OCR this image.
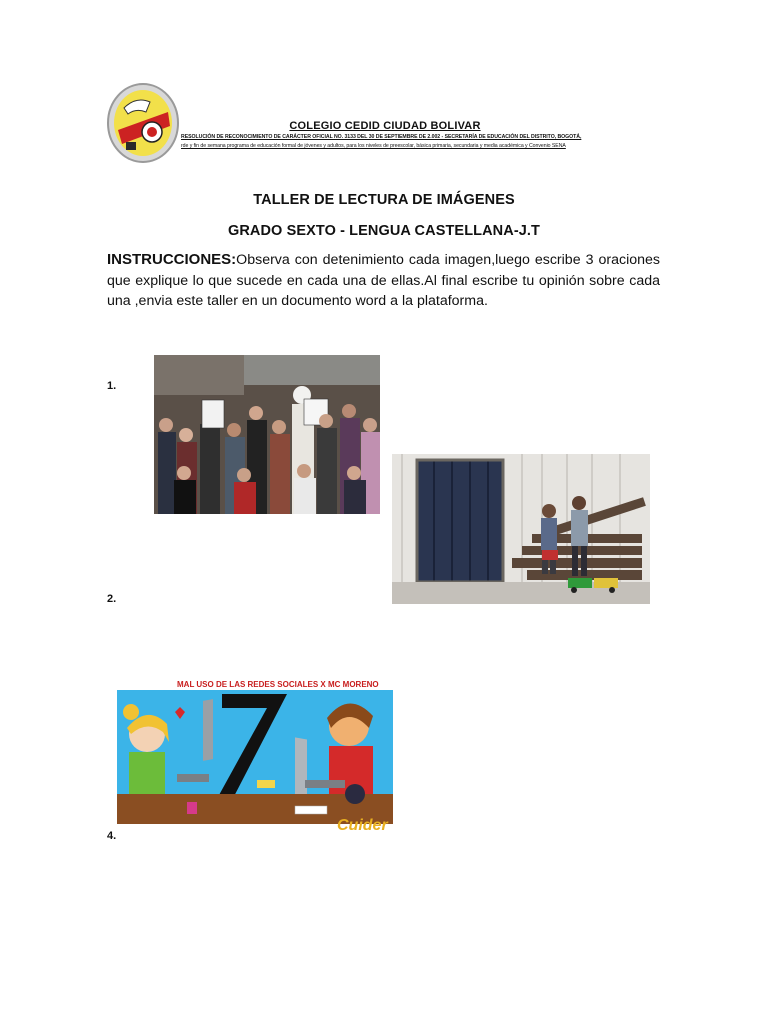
COLEGIO CEDID CIUDAD BOLIVAR
RESOLUCIÓN DE RECONOCIMIENTO DE CARÁCTER OFICIAL NO. 3133 DEL 30 DE SEPTIEMBRE DE 2.002 - SECRETARÍA DE EDUCACIÓN DEL DISTRITO, BOGOTÁ,
rde y fin de semana programa de educación formal de jóvenes y adultos, para los niveles de preescolar, básica primaria, secundaria y media académica y Convenio SENA
TALLER DE LECTURA DE IMÁGENES
GRADO SEXTO - LENGUA CASTELLANA-J.T
INSTRUCCIONES:Observa con detenimiento cada imagen,luego escribe 3 oraciones que explique lo que sucede en cada una de ellas.Al final escribe tu opinión sobre cada una ,envia este taller en un documento word a la plataforma.
1.
2.
4.
MAL USO DE LAS REDES SOCIALES X MC MORENO
Cuider
